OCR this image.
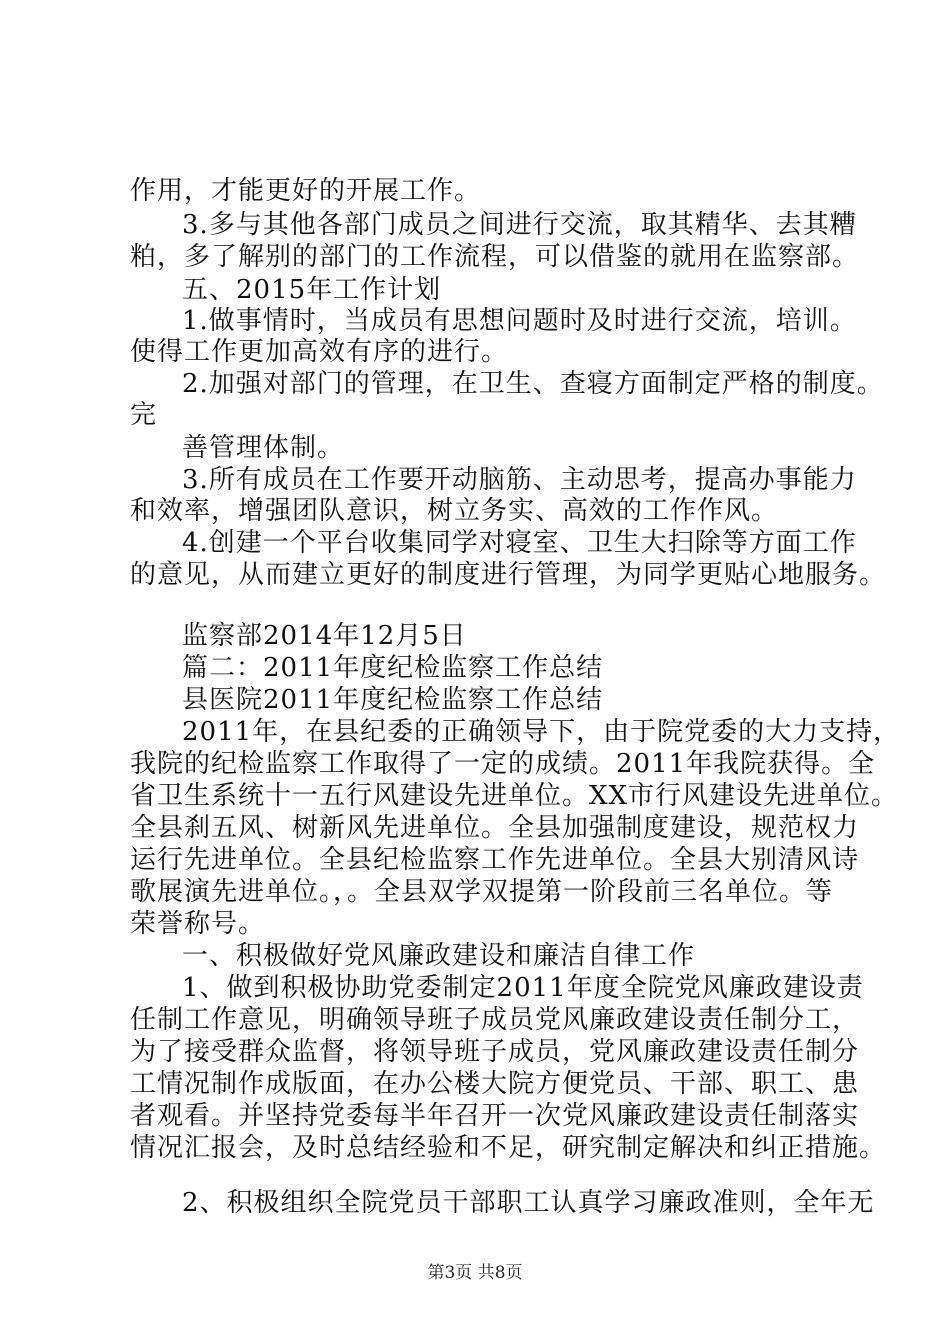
作用，才能更好的开展工作。
3.多与其他各部门成员之间进行交流，取其精华、去其糟
粕，多了解别的部门的工作流程，可以借鉴的就用在监察部。
五、2015年工作计划
1.做事情时，当成员有思想问题时及时进行交流，培训。
使得工作更加高效有序的进行。
2.加强对部门的管理，在卫生、查寝方面制定严格的制度。
完
善管理体制。
3.所有成员在工作要开动脑筋、主动思考，提高办事能力
和效率，增强团队意识，树立务实、高效的工作作风。
4.创建一个平台收集同学对寝室、卫生大扫除等方面工作
的意见，从而建立更好的制度进行管理，为同学更贴心地服务。
监察部2014年12月5日
篇二：2011年度纪检监察工作总结
县医院2011年度纪检监察工作总结
2011年，在县纪委的正确领导下，由于院党委的大力支持，
我院的纪检监察工作取得了一定的成绩。2011年我院获得。全
省卫生系统十一五行风建设先进单位。XX市行风建设先进单位。
全县刹五风、树新风先进单位。全县加强制度建设，规范权力
运行先进单位。全县纪检监察工作先进单位。全县大别清风诗
歌展演先进单位。，。全县双学双提第一阶段前三名单位。等
荣誉称号。
一、积极做好党风廉政建设和廉洁自律工作
1、做到积极协助党委制定2011年度全院党风廉政建设责
任制工作意见，明确领导班子成员党风廉政建设责任制分工，
为了接受群众监督，将领导班子成员，党风廉政建设责任制分
工情况制作成版面，在办公楼大院方便党员、干部、职工、患
者观看。并坚持党委每半年召开一次党风廉政建设责任制落实
情况汇报会，及时总结经验和不足，研究制定解决和纠正措施。
2、积极组织全院党员干部职工认真学习廉政准则，全年无
第3页 共8页
